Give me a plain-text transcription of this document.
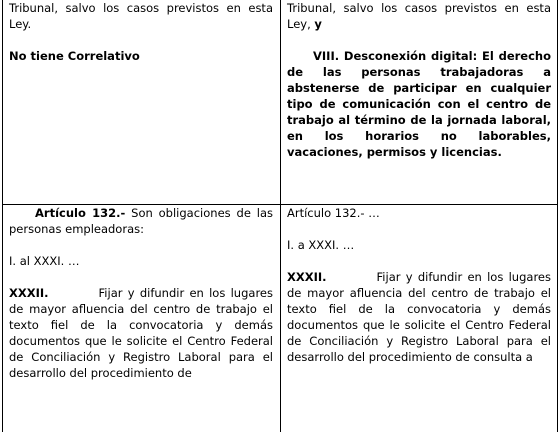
Tribunal, salvo los casos previstos en esta Ley.

No tiene Correlativo

Tribunal, salvo los casos previstos en esta Ley, y

VIII. Desconexión digital: El derecho de las personas trabajadoras a abstenerse de participar en cualquier tipo de comunicación con el centro de trabajo al término de la jornada laboral, en los horarios no laborables, vacaciones, permisos y licencias.

Artículo 132.- Son obligaciones de las personas empleadoras:

I. al XXXI. …

XXXII.	Fijar y difundir en los lugares de mayor afluencia del centro de trabajo el texto fiel de la convocatoria y demás documentos que le solicite el Centro Federal de Conciliación y Registro Laboral para el desarrollo del procedimiento de

Artículo 132.- …

I. a XXXI. …

XXXII.	Fijar y difundir en los lugares de mayor afluencia del centro de trabajo el texto fiel de la convocatoria y demás documentos que le solicite el Centro Federal de Conciliación y Registro Laboral para el desarrollo del procedimiento de consulta a
